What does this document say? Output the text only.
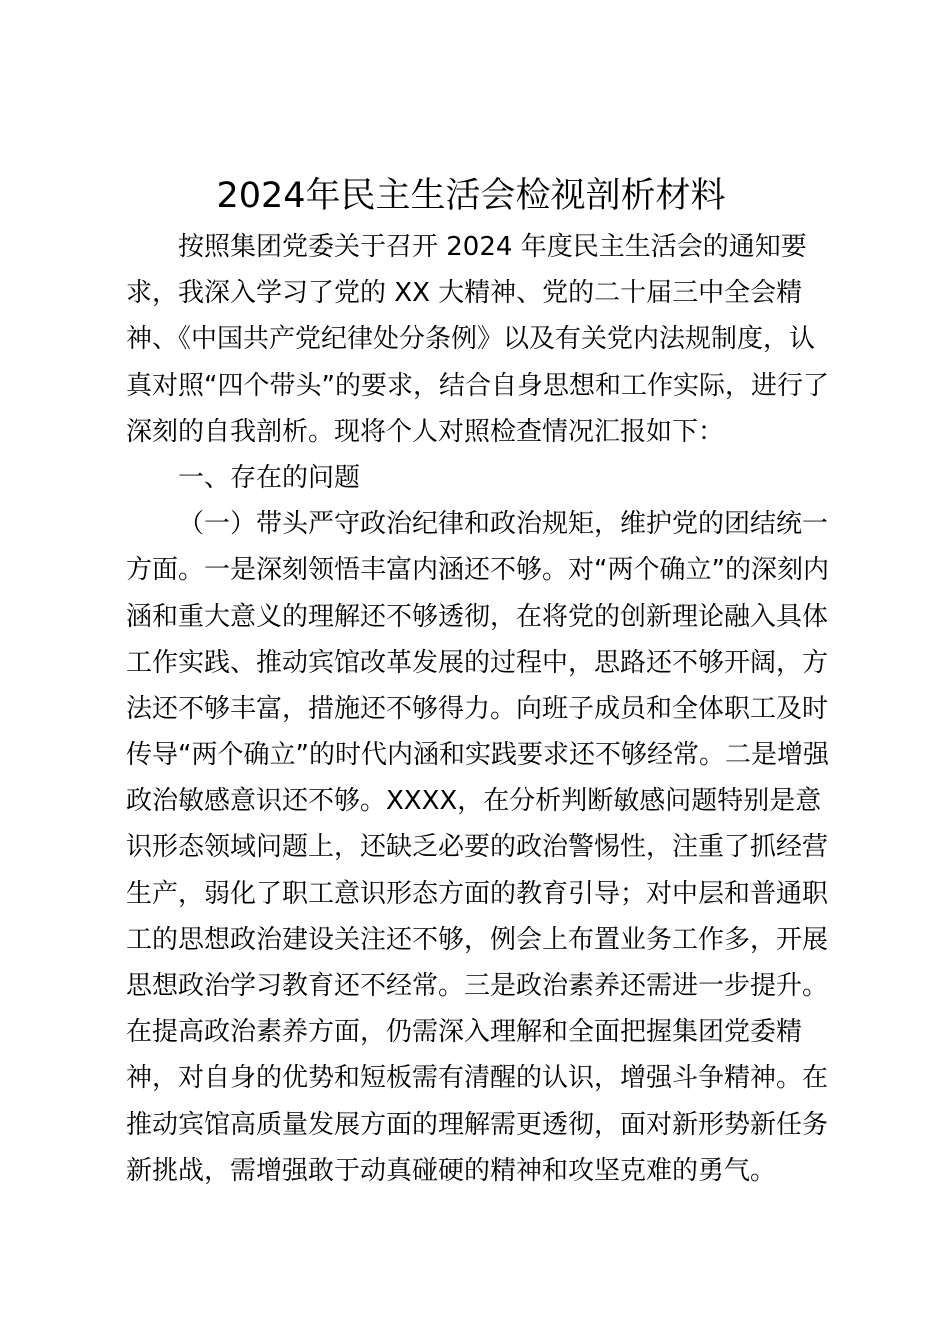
2024年民主生活会检视剖析材料
按照集团党委关于召开 2024 年度民主生活会的通知要
求，我深入学习了党的 XX 大精神、党的二十届三中全会精
神、《中国共产党纪律处分条例》以及有关党内法规制度，认
真对照“四个带头”的要求，结合自身思想和工作实际，进行了
深刻的自我剖析。现将个人对照检查情况汇报如下：
一、存在的问题
（一）带头严守政治纪律和政治规矩，维护党的团结统一
方面。一是深刻领悟丰富内涵还不够。对“两个确立”的深刻内
涵和重大意义的理解还不够透彻，在将党的创新理论融入具体
工作实践、推动宾馆改革发展的过程中，思路还不够开阔，方
法还不够丰富，措施还不够得力。向班子成员和全体职工及时
传导“两个确立”的时代内涵和实践要求还不够经常。二是增强
政治敏感意识还不够。XXXX，在分析判断敏感问题特别是意
识形态领域问题上，还缺乏必要的政治警惕性，注重了抓经营
生产，弱化了职工意识形态方面的教育引导；对中层和普通职
工的思想政治建设关注还不够，例会上布置业务工作多，开展
思想政治学习教育还不经常。三是政治素养还需进一步提升。
在提高政治素养方面，仍需深入理解和全面把握集团党委精
神，对自身的优势和短板需有清醒的认识，增强斗争精神。在
推动宾馆高质量发展方面的理解需更透彻，面对新形势新任务
新挑战，需增强敢于动真碰硬的精神和攻坚克难的勇气。
